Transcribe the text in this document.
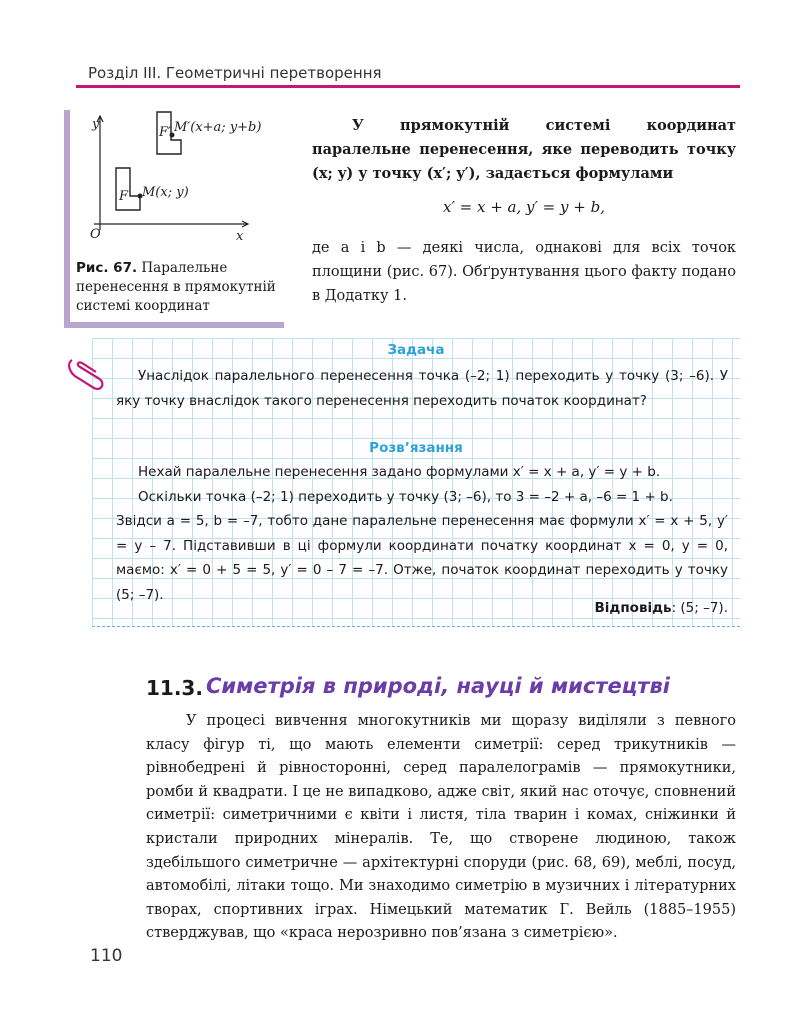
Розділ III. Геометричні перетворення
y
x
O
F
F′
M(x; y)
M′(x+a; y+b)
Рис. 67. Паралельне перенесення в прямокутній системі координат
У прямокутній системі координат паралельне перенесення, яке переводить точку (x; y) у точку (x′; y′), задається формулами
x′ = x + a, y′ = y + b,
де a і b — деякі числа, однакові для всіх точок площини (рис. 67). Обґрунтування цього факту подано в Додатку 1.
Задача
Унаслідок паралельного перенесення точка (–2; 1) переходить у точку (3; –6). У яку точку внаслідок такого перенесення переходить початок координат?
Розв’язання

Нехай паралельне перенесення задано формулами x′ = x + a, y′ = y + b.

Оскільки точка (–2; 1) переходить у точку (3; –6), то 3 = –2 + a, –6 = 1 + b.

Звідси a = 5, b = –7, тобто дане паралельне перенесення має формули x′ = x + 5, y′ = y – 7. Підставивши в ці формули координати початку координат x = 0, y = 0, маємо: x′ = 0 + 5 = 5, y′ = 0 – 7 = –7. Отже, початок координат переходить у точку (5; –7).

Відповідь: (5; –7).
11.3. Симетрія в природі, науці й мистецтві
У процесі вивчення многокутників ми щоразу виділяли з певного класу фігур ті, що мають елементи симетрії: серед трикутників — рівнобедрені й рівносторонні, серед паралелограмів — прямокутники, ромби й квадрати. І це не випадково, адже світ, який нас оточує, сповнений симетрії: симетричними є квіти і листя, тіла тварин і комах, сніжинки й кристали природних мінералів. Те, що створене людиною, також здебільшого симетричне — архітектурні споруди (рис. 68, 69), меблі, посуд, автомобілі, літаки тощо. Ми знаходимо симетрію в музичних і літературних творах, спортивних іграх. Німецький математик Г. Вейль (1885–1955) стверджував, що «краса нерозривно пов’язана з симетрією».
110
